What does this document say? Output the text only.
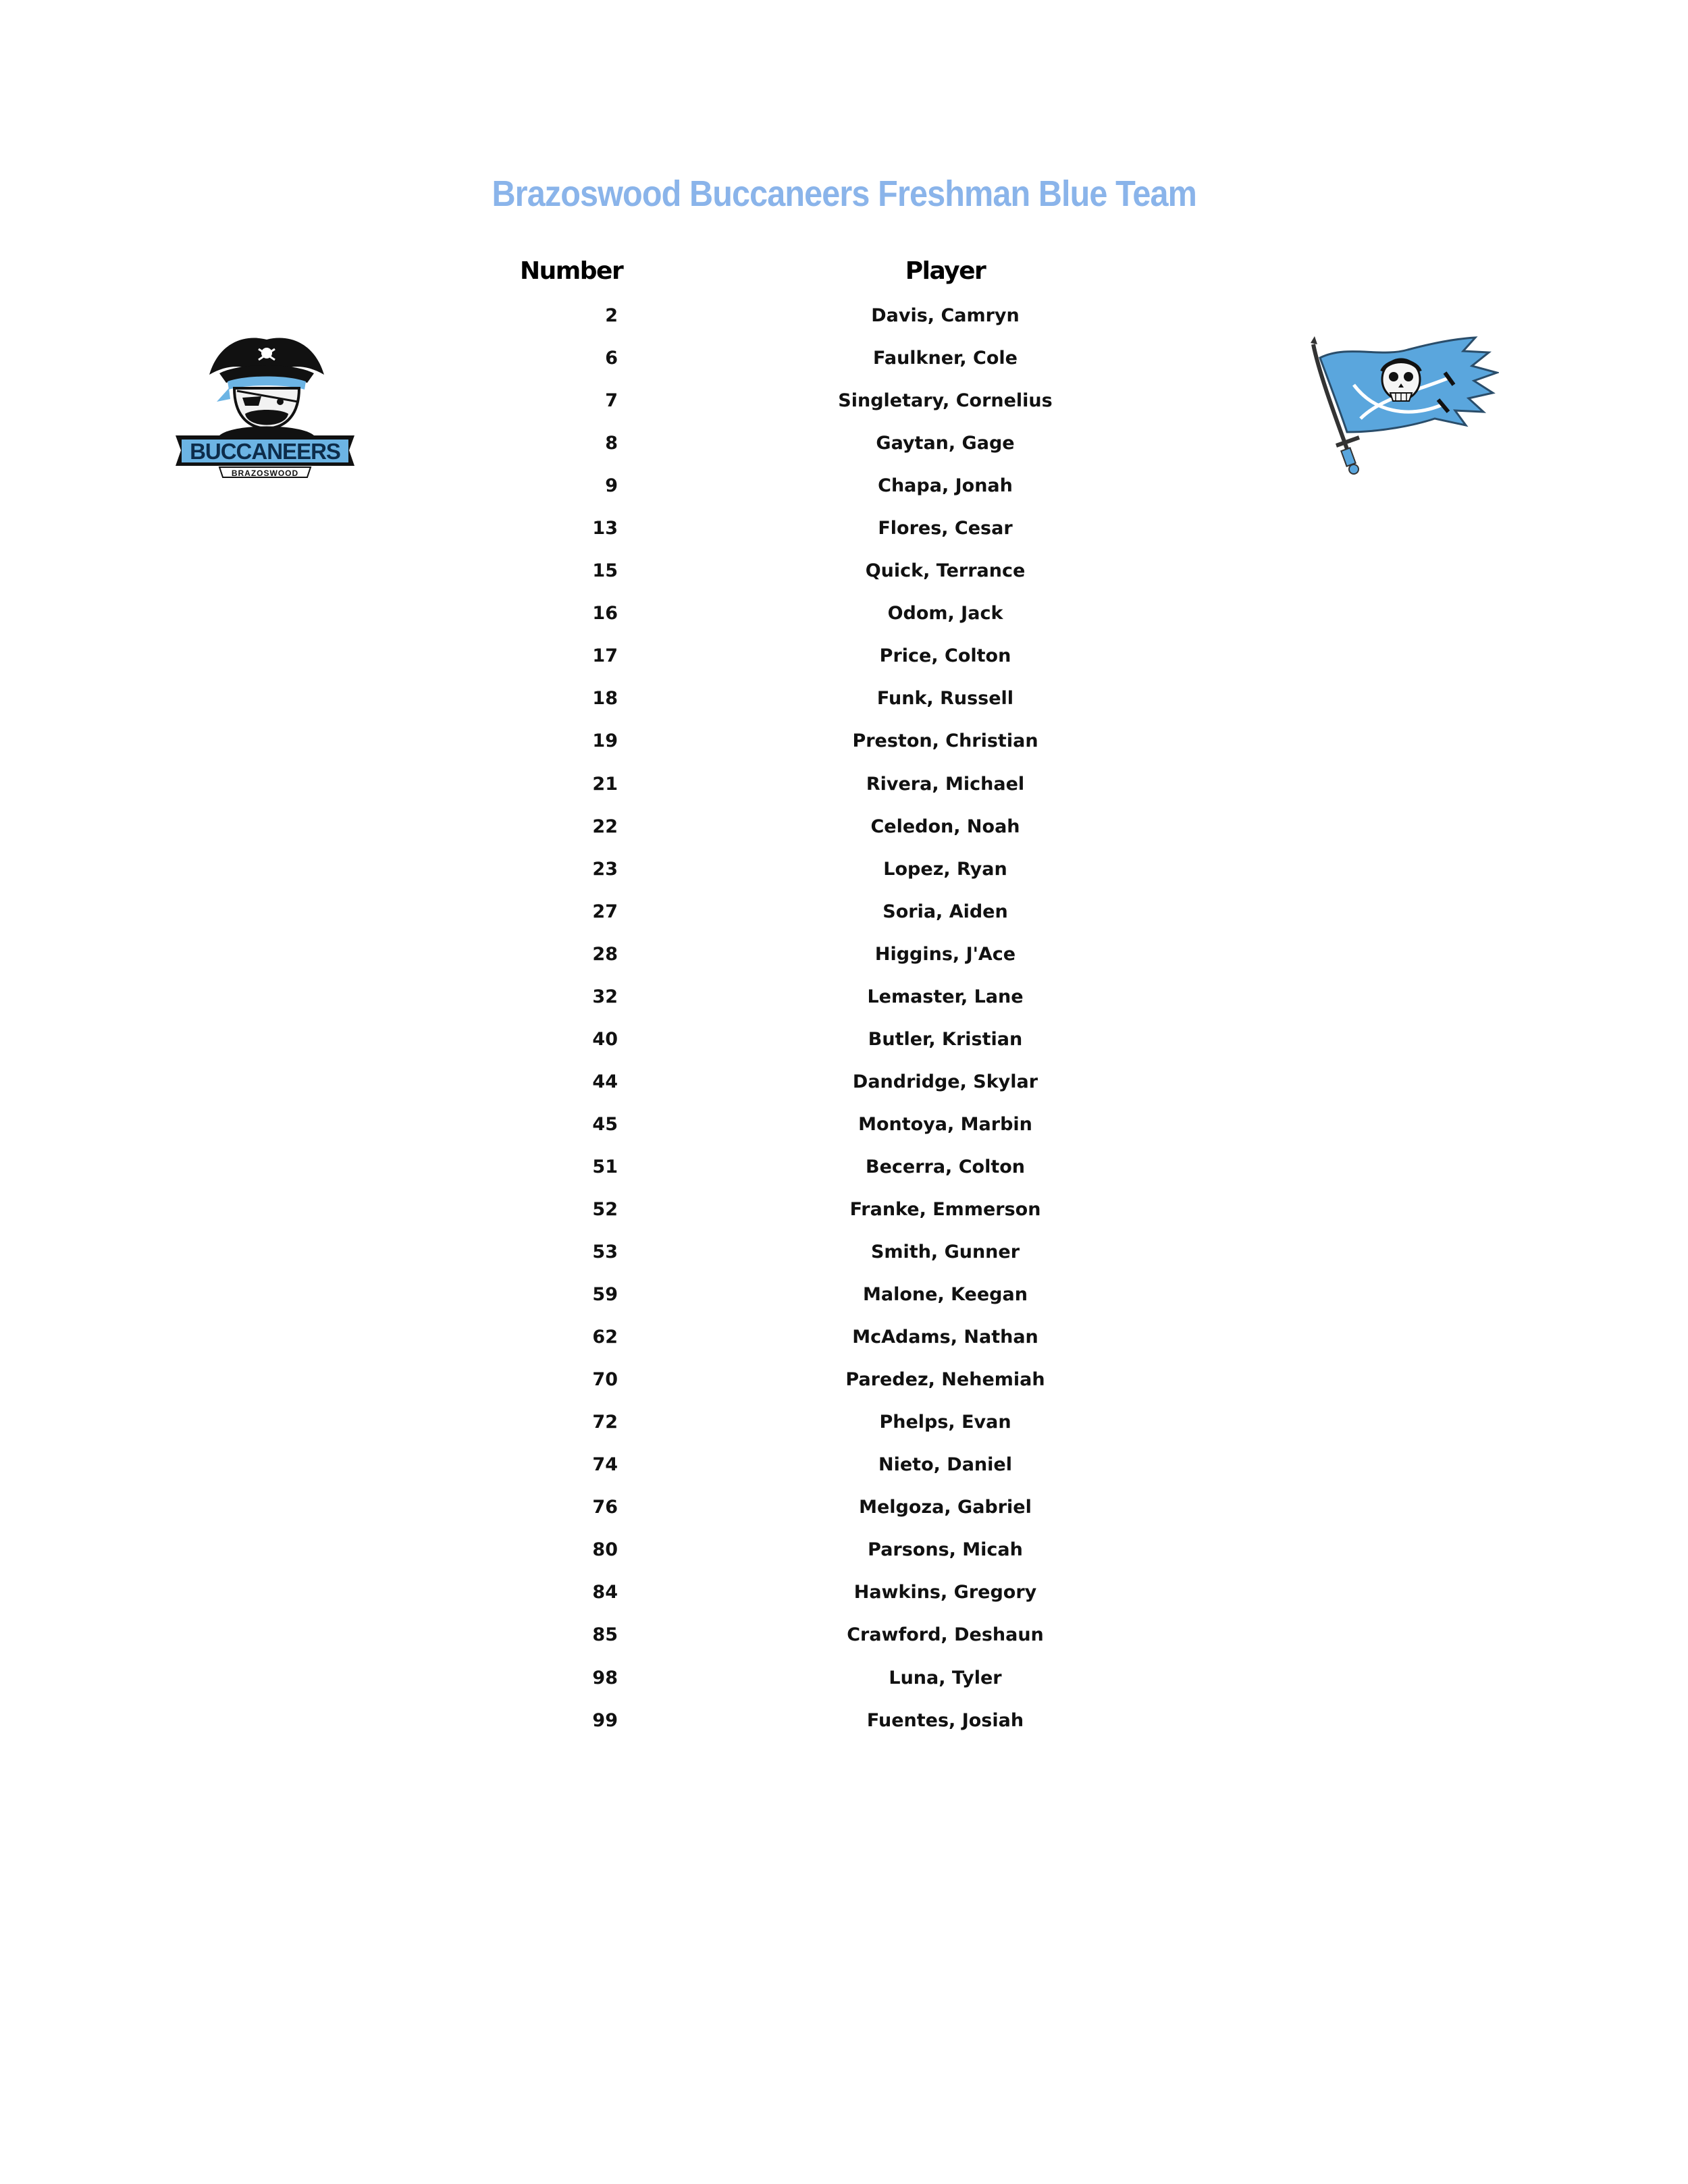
Brazoswood Buccaneers Freshman Blue Team
Number	Player
BUCCANEERS
BRAZOSWOOD
2	Davis, Camryn
6	Faulkner, Cole
7	Singletary, Cornelius
8	Gaytan, Gage
9	Chapa, Jonah
13	Flores, Cesar
15	Quick, Terrance
16	Odom, Jack
17	Price, Colton
18	Funk, Russell
19	Preston, Christian
21	Rivera, Michael
22	Celedon, Noah
23	Lopez, Ryan
27	Soria, Aiden
28	Higgins, J'Ace
32	Lemaster, Lane
40	Butler, Kristian
44	Dandridge, Skylar
45	Montoya, Marbin
51	Becerra, Colton
52	Franke, Emmerson
53	Smith, Gunner
59	Malone, Keegan
62	McAdams, Nathan
70	Paredez, Nehemiah
72	Phelps, Evan
74	Nieto, Daniel
76	Melgoza, Gabriel
80	Parsons, Micah
84	Hawkins, Gregory
85	Crawford, Deshaun
98	Luna, Tyler
99	Fuentes, Josiah
